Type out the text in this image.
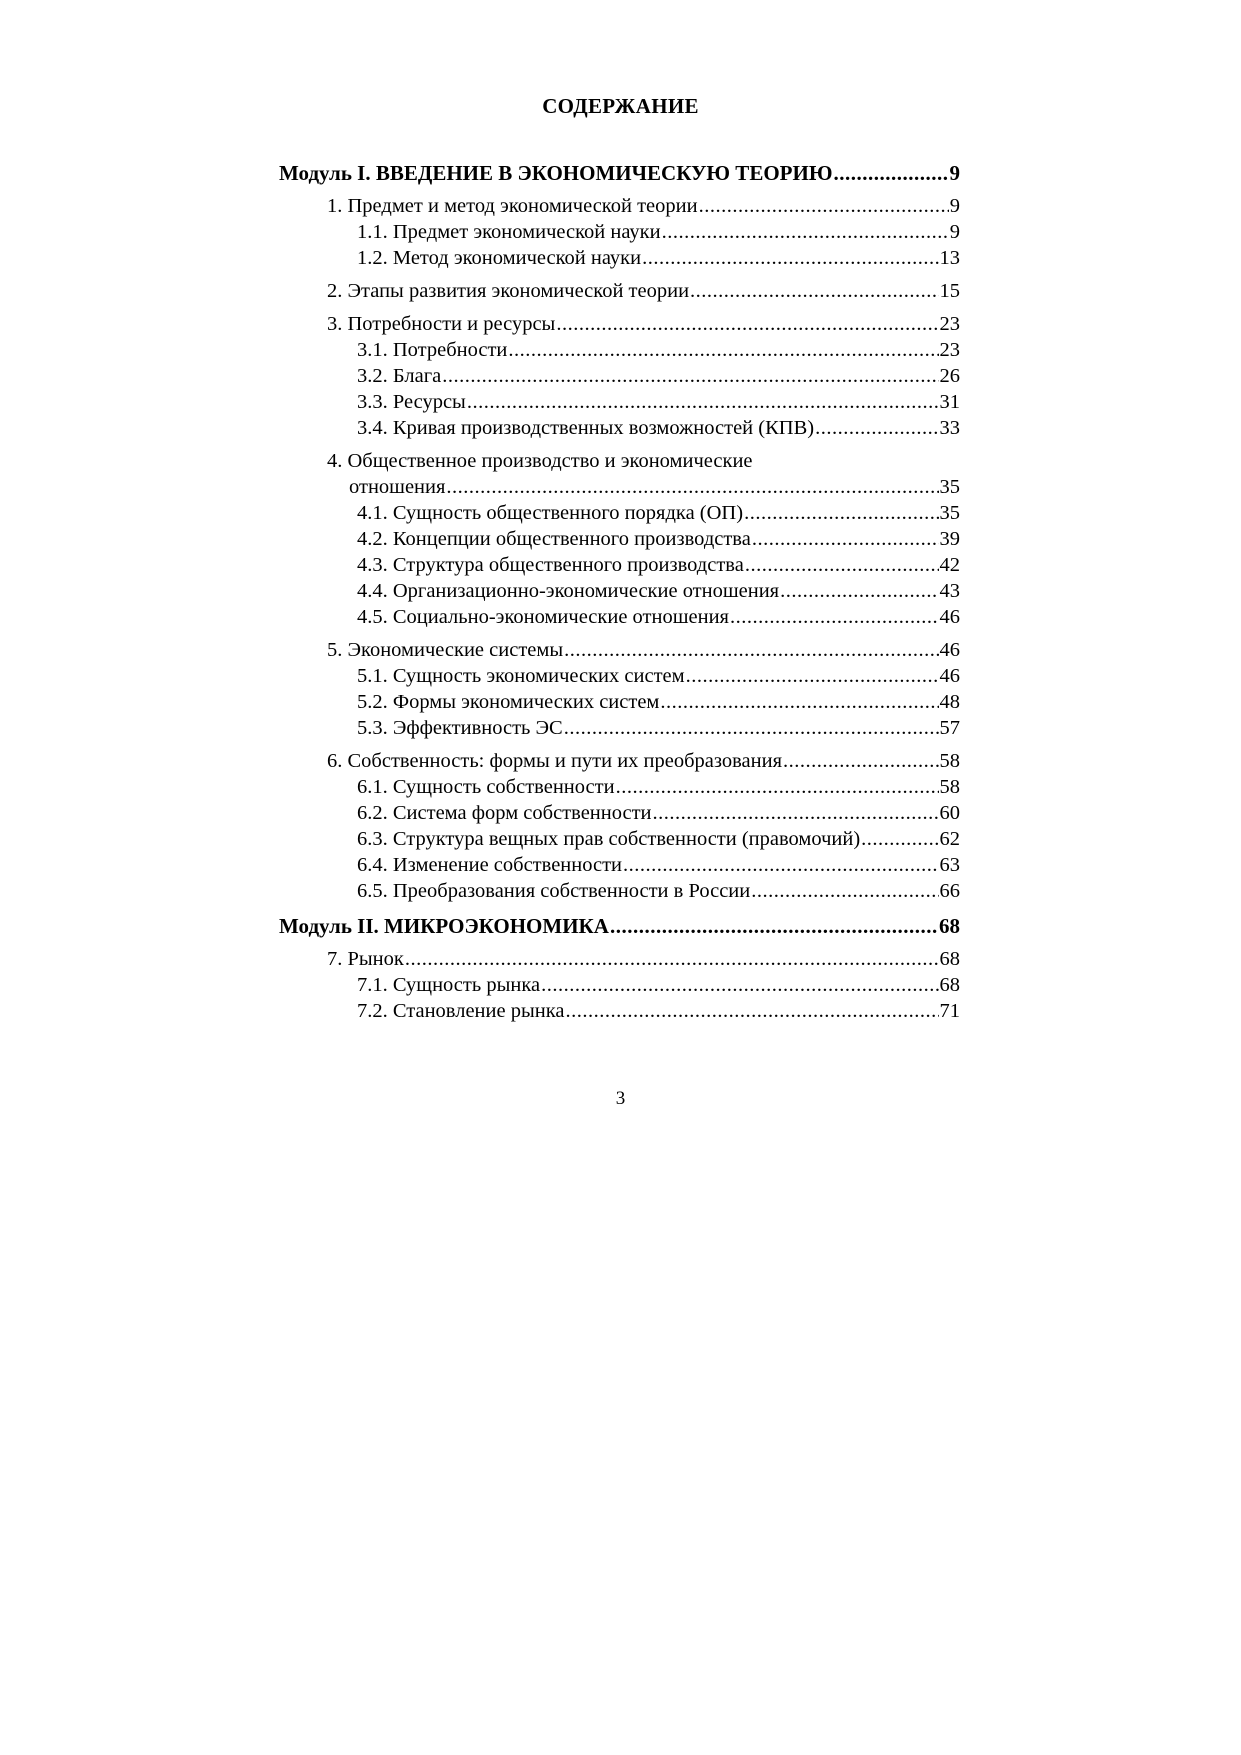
СОДЕРЖАНИЕ
Модуль I. ВВЕДЕНИЕ В ЭКОНОМИЧЕСКУЮ ТЕОРИЮ .....	9
1. Предмет и метод экономической теории .....	9
1.1. Предмет экономической науки .....	9
1.2. Метод экономической науки .....	13
2. Этапы развития экономической теории .....	15
3. Потребности и ресурсы .....	23
3.1. Потребности .....	23
3.2. Блага .....	26
3.3. Ресурсы .....	31
3.4. Кривая производственных возможностей (КПВ) .....	33
4. Общественное производство и экономические
отношения .....	35
4.1. Сущность общественного порядка (ОП) .....	35
4.2. Концепции общественного производства .....	39
4.3. Структура общественного производства .....	42
4.4. Организационно-экономические отношения .....	43
4.5. Социально-экономические отношения .....	46
5. Экономические системы .....	46
5.1. Сущность экономических систем .....	46
5.2. Формы экономических систем .....	48
5.3. Эффективность ЭС .....	57
6. Собственность: формы и пути их преобразования .....	58
6.1. Сущность собственности .....	58
6.2. Система форм собственности .....	60
6.3. Структура вещных прав собственности (правомочий) .....	62
6.4. Изменение собственности .....	63
6.5. Преобразования собственности в России .....	66
Модуль II. МИКРОЭКОНОМИКА .....	68
7. Рынок .....	68
7.1. Сущность рынка .....	68
7.2. Становление рынка .....	71
3
